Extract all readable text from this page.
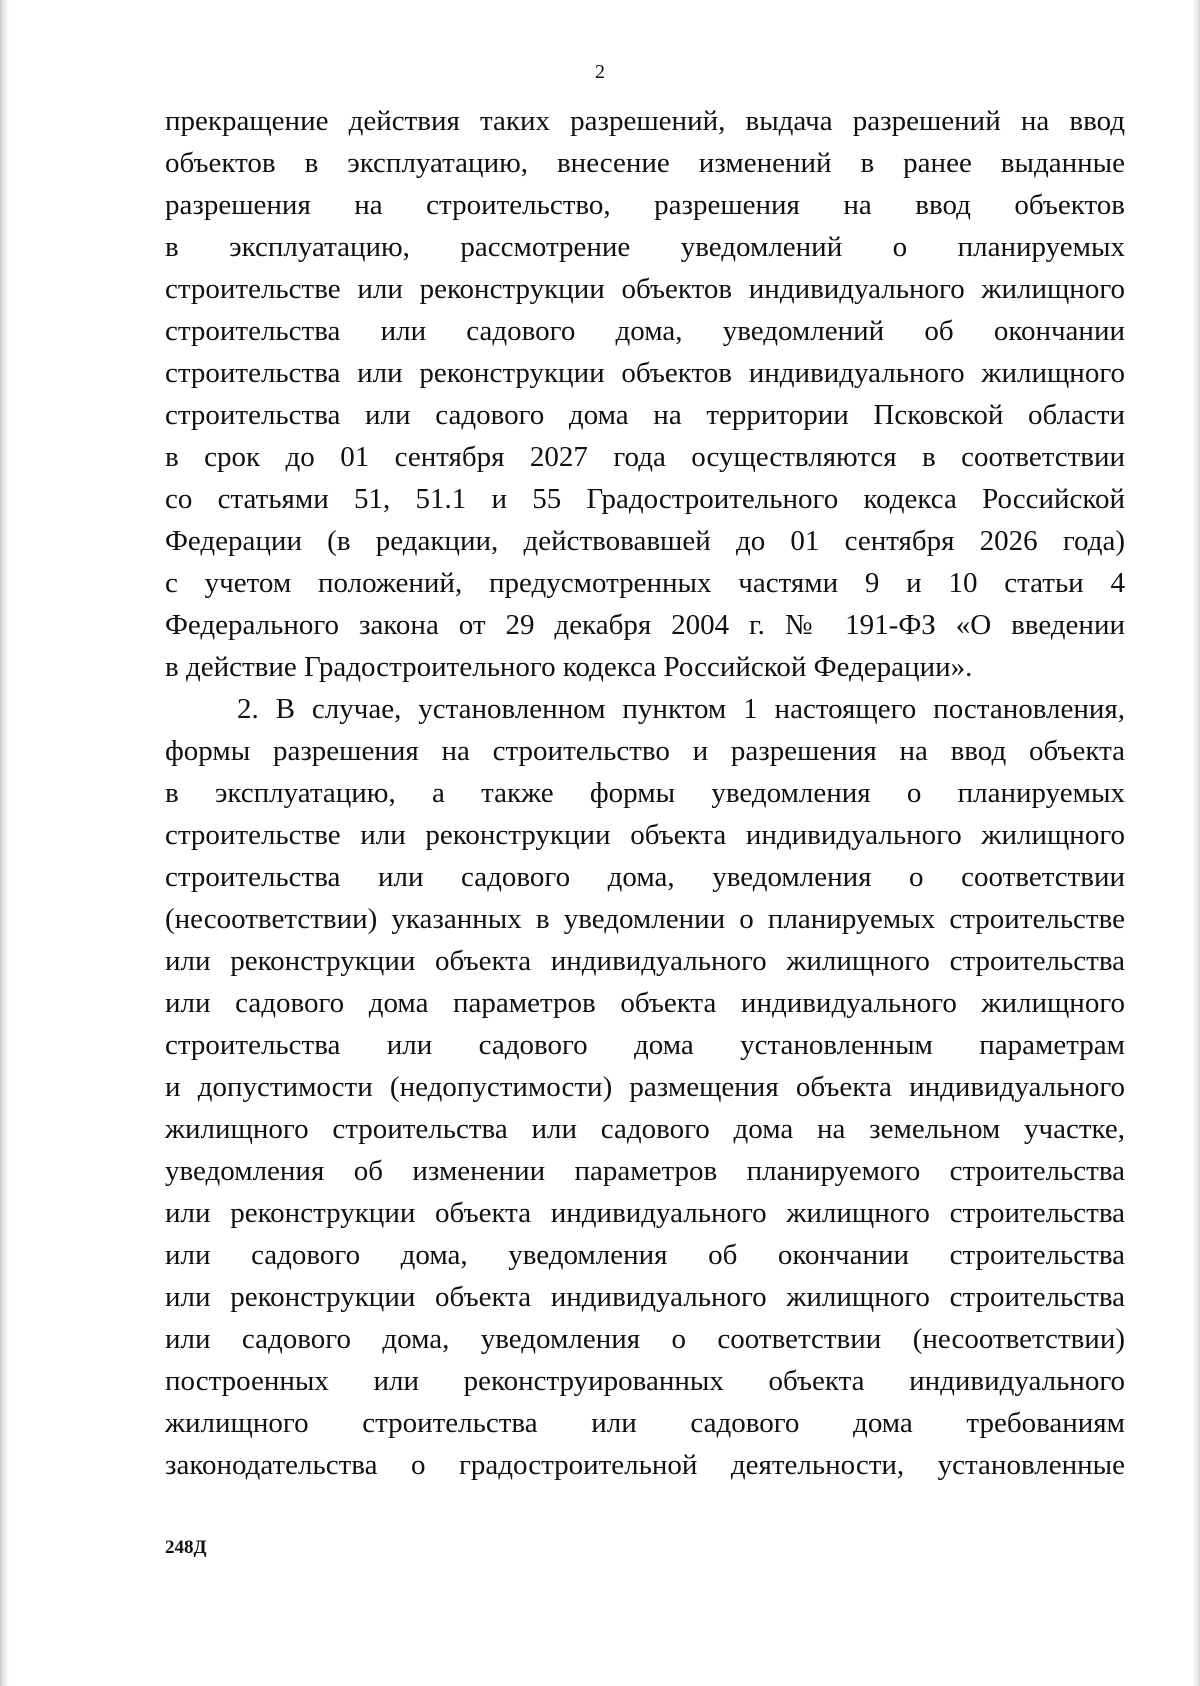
2

прекращение действия таких разрешений, выдача разрешений на ввод

объектов в эксплуатацию, внесение изменений в ранее выданные

разрешения на строительство, разрешения на ввод объектов

в эксплуатацию, рассмотрение уведомлений о планируемых

строительстве или реконструкции объектов индивидуального жилищного

строительства или садового дома, уведомлений об окончании

строительства или реконструкции объектов индивидуального жилищного

строительства или садового дома на территории Псковской области

в срок до 01 сентября 2027 года осуществляются в соответствии

со статьями 51, 51.1 и 55 Градостроительного кодекса Российской

Федерации (в редакции, действовавшей до 01 сентября 2026 года)

с учетом положений, предусмотренных частями 9 и 10 статьи 4

Федерального закона от 29 декабря 2004 г. № 191-ФЗ «О введении

в действие Градостроительного кодекса Российской Федерации».

2. В случае, установленном пунктом 1 настоящего постановления,

формы разрешения на строительство и разрешения на ввод объекта

в эксплуатацию, а также формы уведомления о планируемых

строительстве или реконструкции объекта индивидуального жилищного

строительства или садового дома, уведомления о соответствии

(несоответствии) указанных в уведомлении о планируемых строительстве

или реконструкции объекта индивидуального жилищного строительства

или садового дома параметров объекта индивидуального жилищного

строительства или садового дома установленным параметрам

и допустимости (недопустимости) размещения объекта индивидуального

жилищного строительства или садового дома на земельном участке,

уведомления об изменении параметров планируемого строительства

или реконструкции объекта индивидуального жилищного строительства

или садового дома, уведомления об окончании строительства

или реконструкции объекта индивидуального жилищного строительства

или садового дома, уведомления о соответствии (несоответствии)

построенных или реконструированных объекта индивидуального

жилищного строительства или садового дома требованиям

законодательства о градостроительной деятельности, установленные

248Д
